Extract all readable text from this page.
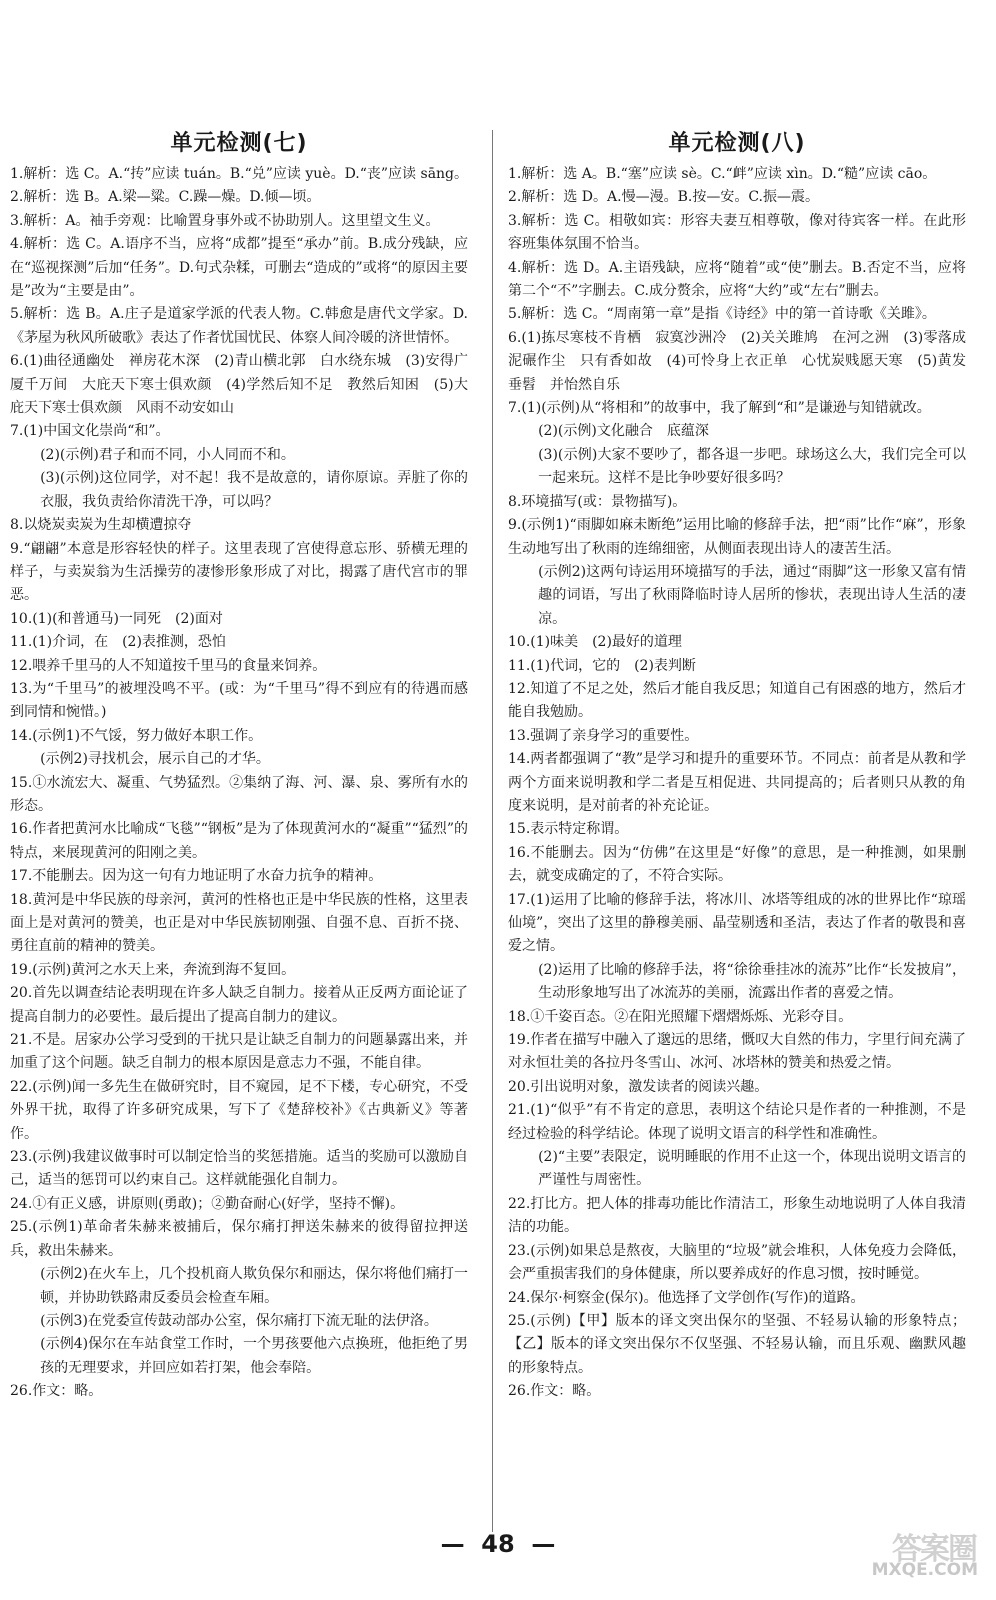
单元检测(七)

1.解析：选 C。A.“抟”应读 tuán。B.“兑”应读 yuè。D.“丧”应读 sāng。

2.解析：选 B。A.梁—粱。C.躁—燥。D.倾—顷。

3.解析：A。袖手旁观：比喻置身事外或不协助别人。这里望文生义。

4.解析：选 C。A.语序不当，应将“成都”提至“承办”前。B.成分残缺，应在“巡视探测”后加“任务”。D.句式杂糅，可删去“造成的”或将“的原因主要是”改为“主要是由”。

5.解析：选 B。A.庄子是道家学派的代表人物。C.韩愈是唐代文学家。D.《茅屋为秋风所破歌》表达了作者忧国忧民、体察人间冷暖的济世情怀。

6.(1)曲径通幽处　禅房花木深　(2)青山横北郭　白水绕东城　(3)安得广厦千万间　大庇天下寒士俱欢颜　(4)学然后知不足　教然后知困　(5)大庇天下寒士俱欢颜　风雨不动安如山

7.(1)中国文化崇尚“和”。

(2)(示例)君子和而不同，小人同而不和。

(3)(示例)这位同学，对不起！我不是故意的，请你原谅。弄脏了你的衣服，我负责给你清洗干净，可以吗？

8.以烧炭卖炭为生却横遭掠夺

9.“翩翩”本意是形容轻快的样子。这里表现了宫使得意忘形、骄横无理的样子，与卖炭翁为生活操劳的凄惨形象形成了对比，揭露了唐代宫市的罪恶。

10.(1)(和普通马)一同死　(2)面对

11.(1)介词，在　(2)表推测，恐怕

12.喂养千里马的人不知道按千里马的食量来饲养。

13.为“千里马”的被埋没鸣不平。(或：为“千里马”得不到应有的待遇而感到同情和惋惜。)

14.(示例1)不气馁，努力做好本职工作。

(示例2)寻找机会，展示自己的才华。

15.①水流宏大、凝重、气势猛烈。②集纳了海、河、瀑、泉、雾所有水的形态。

16.作者把黄河水比喻成“飞毯”“钢板”是为了体现黄河水的“凝重”“猛烈”的特点，来展现黄河的阳刚之美。

17.不能删去。因为这一句有力地证明了水奋力抗争的精神。

18.黄河是中华民族的母亲河，黄河的性格也正是中华民族的性格，这里表面上是对黄河的赞美，也正是对中华民族韧刚强、自强不息、百折不挠、勇往直前的精神的赞美。

19.(示例)黄河之水天上来，奔流到海不复回。

20.首先以调查结论表明现在许多人缺乏自制力。接着从正反两方面论证了提高自制力的必要性。最后提出了提高自制力的建议。

21.不是。居家办公学习受到的干扰只是让缺乏自制力的问题暴露出来，并加重了这个问题。缺乏自制力的根本原因是意志力不强，不能自律。

22.(示例)闻一多先生在做研究时，目不窥园，足不下楼，专心研究，不受外界干扰，取得了许多研究成果，写下了《楚辞校补》《古典新义》等著作。

23.(示例)我建议做事时可以制定恰当的奖惩措施。适当的奖励可以激励自己，适当的惩罚可以约束自己。这样就能强化自制力。

24.①有正义感，讲原则(勇敢)；②勤奋耐心(好学，坚持不懈)。

25.(示例1)革命者朱赫来被捕后，保尔痛打押送朱赫来的彼得留拉押送兵，救出朱赫来。

(示例2)在火车上，几个投机商人欺负保尔和丽达，保尔将他们痛打一顿，并协助铁路肃反委员会检查车厢。

(示例3)在党委宣传鼓动部办公室，保尔痛打下流无耻的法伊洛。

(示例4)保尔在车站食堂工作时，一个男孩要他六点换班，他拒绝了男孩的无理要求，并回应如若打架，他会奉陪。

26.作文：略。

单元检测(八)

1.解析：选 A。B.“塞”应读 sè。C.“衅”应读 xìn。D.“糙”应读 cāo。

2.解析：选 D。A.慢—漫。B.按—安。C.振—震。

3.解析：选 C。相敬如宾：形容夫妻互相尊敬，像对待宾客一样。在此形容班集体氛围不恰当。

4.解析：选 D。A.主语残缺，应将“随着”或“使”删去。B.否定不当，应将第二个“不”字删去。C.成分赘余，应将“大约”或“左右”删去。

5.解析：选 C。“周南第一章”是指《诗经》中的第一首诗歌《关雎》。

6.(1)拣尽寒枝不肯栖　寂寞沙洲冷　(2)关关雎鸠　在河之洲　(3)零落成泥碾作尘　只有香如故　(4)可怜身上衣正单　心忧炭贱愿天寒　(5)黄发垂髫　并怡然自乐

7.(1)(示例)从“将相和”的故事中，我了解到“和”是谦逊与知错就改。

(2)(示例)文化融合　底蕴深

(3)(示例)大家不要吵了，都各退一步吧。球场这么大，我们完全可以一起来玩。这样不是比争吵要好很多吗？

8.环境描写(或：景物描写)。

9.(示例1)“雨脚如麻未断绝”运用比喻的修辞手法，把“雨”比作“麻”，形象生动地写出了秋雨的连绵细密，从侧面表现出诗人的凄苦生活。

(示例2)这两句诗运用环境描写的手法，通过“雨脚”这一形象又富有情趣的词语，写出了秋雨降临时诗人居所的惨状，表现出诗人生活的凄凉。

10.(1)味美　(2)最好的道理

11.(1)代词，它的　(2)表判断

12.知道了不足之处，然后才能自我反思；知道自己有困惑的地方，然后才能自我勉励。

13.强调了亲身学习的重要性。

14.两者都强调了“教”是学习和提升的重要环节。不同点：前者是从教和学两个方面来说明教和学二者是互相促进、共同提高的；后者则只从教的角度来说明，是对前者的补充论证。

15.表示特定称谓。

16.不能删去。因为“仿佛”在这里是“好像”的意思，是一种推测，如果删去，就变成确定的了，不符合实际。

17.(1)运用了比喻的修辞手法，将冰川、冰塔等组成的冰的世界比作“琼瑶仙境”，突出了这里的静穆美丽、晶莹剔透和圣洁，表达了作者的敬畏和喜爱之情。

(2)运用了比喻的修辞手法，将“徐徐垂挂冰的流苏”比作“长发披肩”，生动形象地写出了冰流苏的美丽，流露出作者的喜爱之情。

18.①千姿百态。②在阳光照耀下熠熠烁烁、光彩夺目。

19.作者在描写中融入了邈远的思绪，慨叹大自然的伟力，字里行间充满了对永恒壮美的各拉丹冬雪山、冰河、冰塔林的赞美和热爱之情。

20.引出说明对象，激发读者的阅读兴趣。

21.(1)“似乎”有不肯定的意思，表明这个结论只是作者的一种推测，不是经过检验的科学结论。体现了说明文语言的科学性和准确性。

(2)“主要”表限定，说明睡眠的作用不止这一个，体现出说明文语言的严谨性与周密性。

22.打比方。把人体的排毒功能比作清洁工，形象生动地说明了人体自我清洁的功能。

23.(示例)如果总是熬夜，大脑里的“垃圾”就会堆积，人体免疫力会降低，会严重损害我们的身体健康，所以要养成好的作息习惯，按时睡觉。

24.保尔·柯察金(保尔)。他选择了文学创作(写作)的道路。

25.(示例)【甲】版本的译文突出保尔的坚强、不轻易认输的形象特点；【乙】版本的译文突出保尔不仅坚强、不轻易认输，而且乐观、幽默风趣的形象特点。

26.作文：略。

—  48  —	答案圈
MXQE.COM
